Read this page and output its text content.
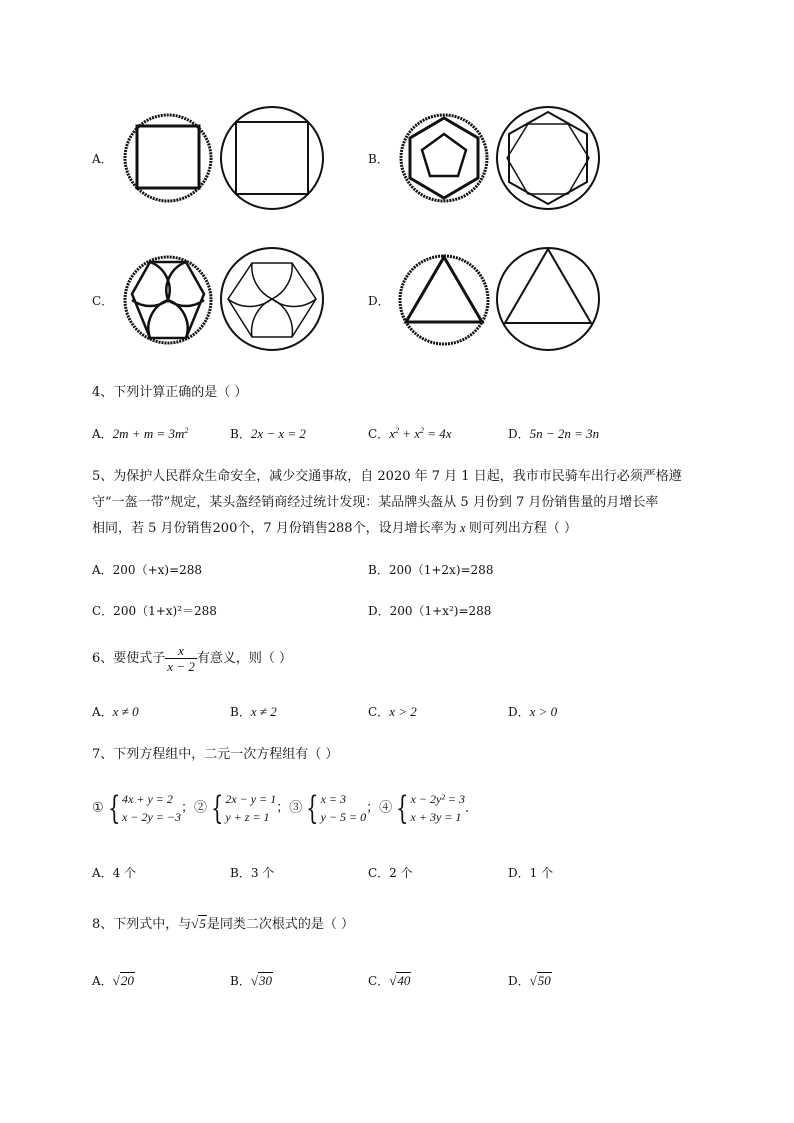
A．	B．
C．	D．
4、下列计算正确的是（ ）
A．$2m + m = 3m^2$	B．2x − x = 2	C．$x^2 + x^2 = 4x$	D．5n − 2n = 3n
5、为保护人民群众生命安全，减少交通事故，自 2020 年 7 月 1 日起，我市市民骑车出行必须严格遵
守“一盔一带”规定，某头盔经销商经过统计发现：某品牌头盔从 5 月份到 7 月份销售量的月增长率
相同，若 5 月份销售200个，7 月份销售288个，设月增长率为 x 则可列出方程（ ）
A．200（+x)=288	B．200（1+2x)=288
C．200（1+x)²＝288	D．200（1+x²)=288
6、要使式子 $\frac{x}{x - 2}$ 有意义，则（ ）
A．x ≠ 0	B．x ≠ 2	C．x > 2	D．x > 0
7、下列方程组中，二元一次方程组有（ ）
① { 4x + y = 2
x − 2y = −3
；② { 2x − y = 1
y + z = 1
；③ { x = 3
y − 5 = 0
；④ { x − 2y² = 3
x + 3y = 1
．
A．4 个	B．3 个	C．2 个	D．1 个
8、下列式中，与√5是同类二次根式的是（ ）
A．√20	B．√30	C．√40	D．√50
